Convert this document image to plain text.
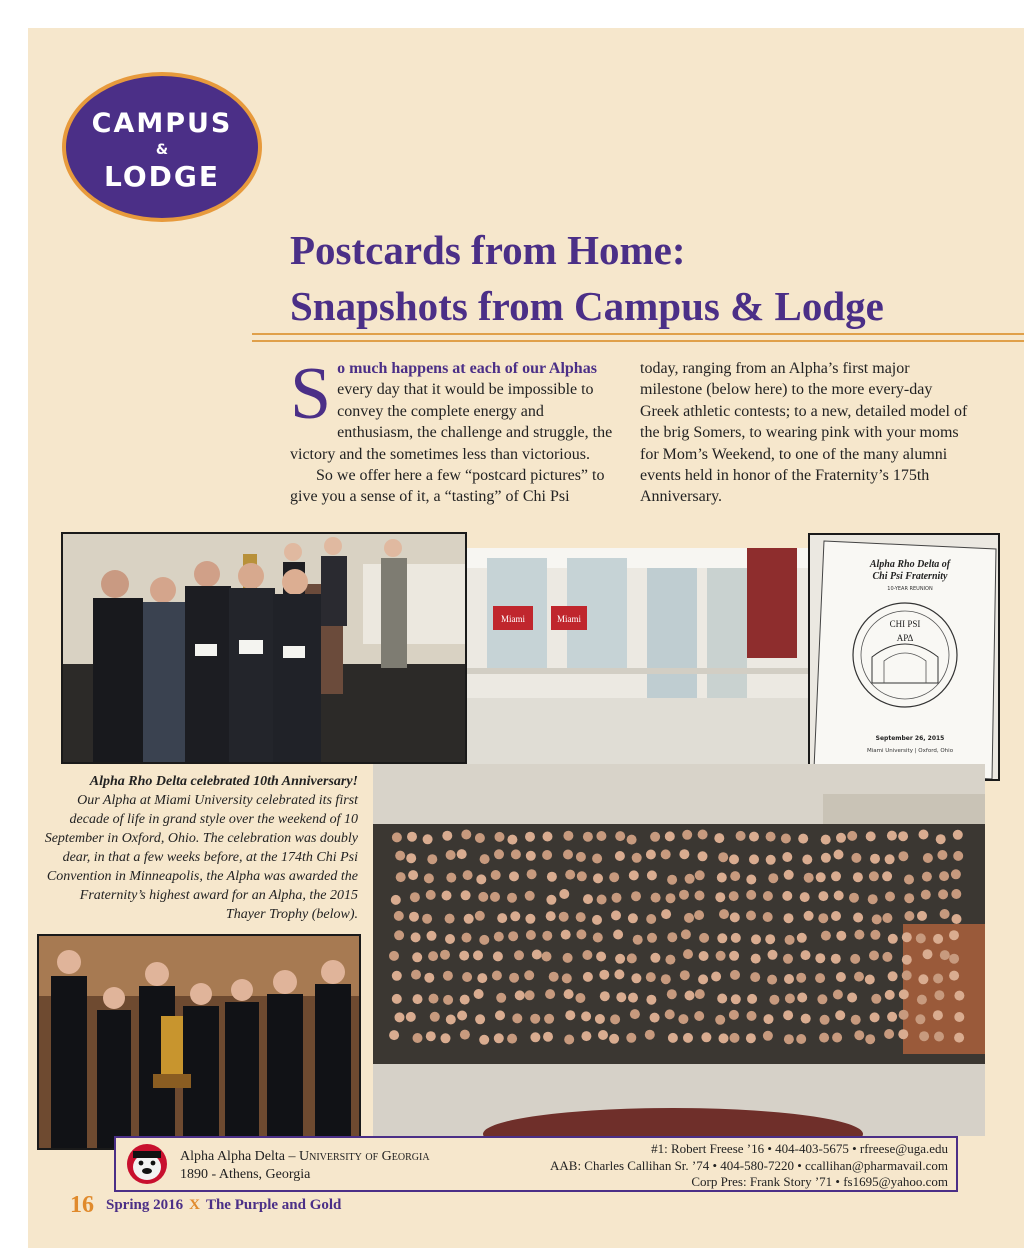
CAMPUS
&
LODGE
Postcards from Home:
Snapshots from Campus & Lodge

So much happens at each of our Alphas every day that it would be impossible to convey the complete energy and enthusiasm, the challenge and struggle, the victory and the sometimes less than victorious.

So we offer here a few “postcard pictures” to give you a sense of it, a “tasting” of Chi Psi

today, ranging from an Alpha’s first major milestone (below here) to the more every-day Greek athletic contests; to a new, detailed model of the brig Somers, to wearing pink with your moms for Mom’s Weekend, to one of the many alumni events held in honor of the Fraternity’s 175th Anniversary.

Miami	Miami
Alpha Rho Delta of
Chi Psi Fraternity
10-YEAR REUNION
CHI PSI
AΡΔ
September 26, 2015
Miami University | Oxford, Ohio
Alpha Rho Delta celebrated 10th Anniversary!
Our Alpha at Miami University celebrated its first decade of life in grand style over the weekend of 10 September in Oxford, Ohio. The celebration was doubly dear, in that a few weeks before, at the 174th Chi Psi Convention in Minneapolis, the Alpha was awarded the Fraternity’s highest award for an Alpha, the 2015 Thayer Trophy (below).
Alpha Alpha Delta – University of Georgia
1890 - Athens, Georgia
#1: Robert Freese ’16 • 404-403-5675 • rfreese@uga.edu
AAB: Charles Callihan Sr. ’74 • 404-580-7220 • ccallihan@pharmavail.com
Corp Pres: Frank Story ’71 • fs1695@yahoo.com
16 Spring 2016 Χ The Purple and Gold
